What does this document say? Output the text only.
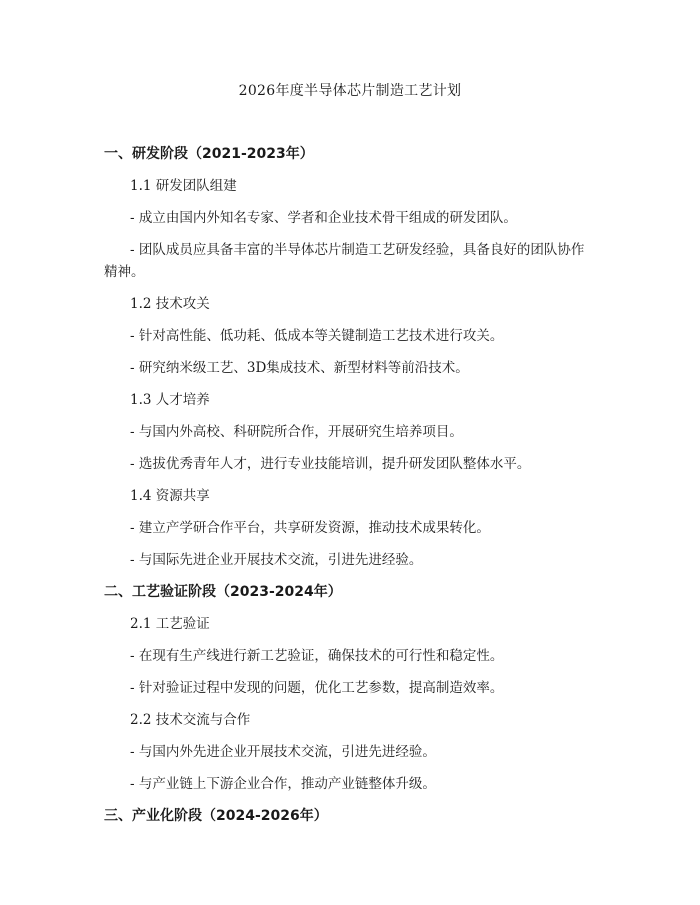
2026年度半导体芯片制造工艺计划
一、研发阶段（2021-2023年）
1.1 研发团队组建
- 成立由国内外知名专家、学者和企业技术骨干组成的研发团队。
- 团队成员应具备丰富的半导体芯片制造工艺研发经验，具备良好的团队协作
精神。
1.2 技术攻关
- 针对高性能、低功耗、低成本等关键制造工艺技术进行攻关。
- 研究纳米级工艺、3D集成技术、新型材料等前沿技术。
1.3 人才培养
- 与国内外高校、科研院所合作，开展研究生培养项目。
- 选拔优秀青年人才，进行专业技能培训，提升研发团队整体水平。
1.4 资源共享
- 建立产学研合作平台，共享研发资源，推动技术成果转化。
- 与国际先进企业开展技术交流，引进先进经验。
二、工艺验证阶段（2023-2024年）
2.1 工艺验证
- 在现有生产线进行新工艺验证，确保技术的可行性和稳定性。
- 针对验证过程中发现的问题，优化工艺参数，提高制造效率。
2.2 技术交流与合作
- 与国内外先进企业开展技术交流，引进先进经验。
- 与产业链上下游企业合作，推动产业链整体升级。
三、产业化阶段（2024-2026年）
